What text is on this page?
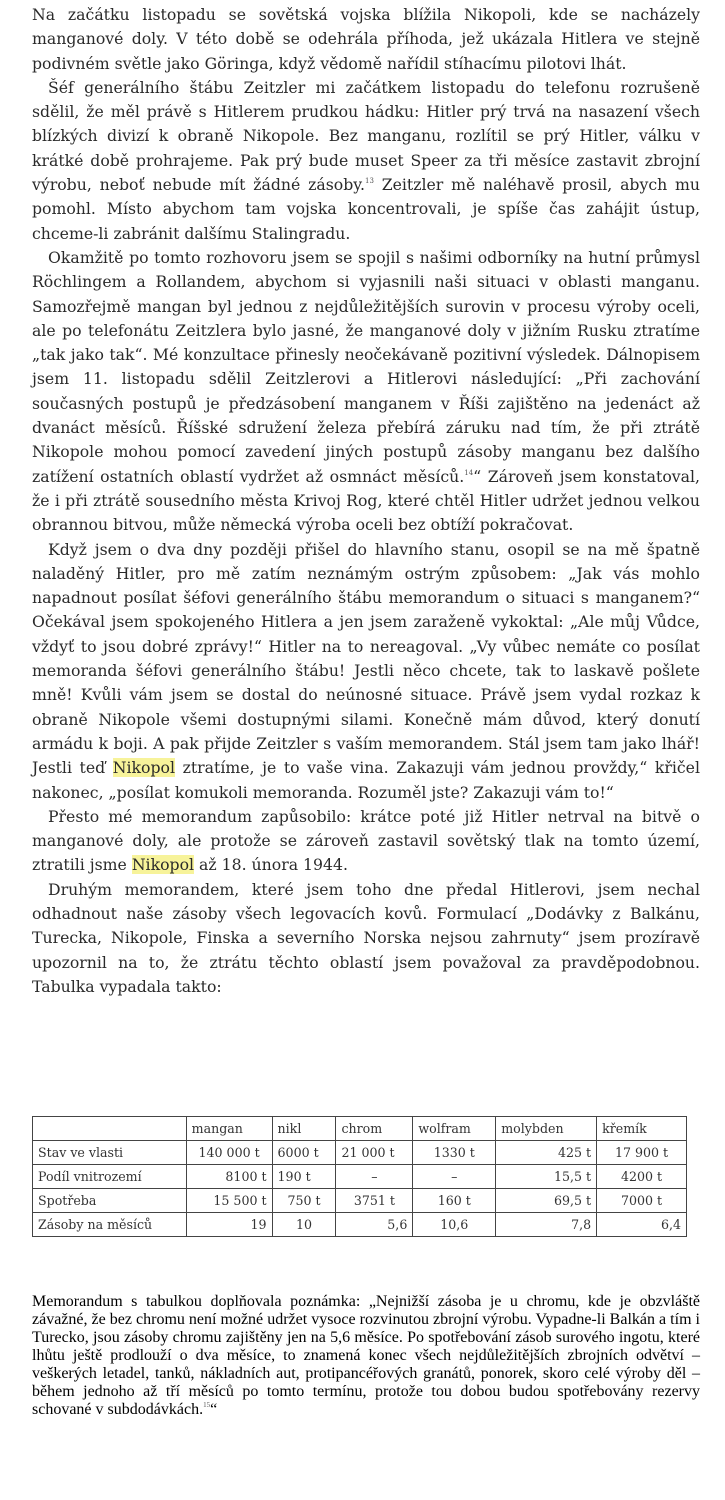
Na začátku listopadu se sovětská vojska blížila Nikopoli, kde se nacházely manganové doly. V této době se odehrála příhoda, jež ukázala Hitlera ve stejně podivném světle jako Göringa, když vědomě nařídil stíhacímu pilotovi lhát.

Šéf generálního štábu Zeitzler mi začátkem listopadu do telefonu rozrušeně sdělil, že měl právě s Hitlerem prudkou hádku: Hitler prý trvá na nasazení všech blízkých divizí k obraně Nikopole. Bez manganu, rozlítil se prý Hitler, válku v krátké době prohrajeme. Pak prý bude muset Speer za tři měsíce zastavit zbrojní výrobu, neboť nebude mít žádné zásoby.$^{13}$ Zeitzler mě naléhavě prosil, abych mu pomohl. Místo abychom tam vojska koncentrovali, je spíše čas zahájit ústup, chceme-li zabránit dalšímu Stalingradu.

Okamžitě po tomto rozhovoru jsem se spojil s našimi odborníky na hutní průmysl Röchlingem a Rollandem, abychom si vyjasnili naši situaci v oblasti manganu. Samozřejmě mangan byl jednou z nejdůležitějších surovin v procesu výroby oceli, ale po telefonátu Zeitzlera bylo jasné, že manganové doly v jižním Rusku ztratíme „tak jako tak“. Mé konzultace přinesly neočekávaně pozitivní výsledek. Dálnopisem jsem 11. listopadu sdělil Zeitzlerovi a Hitlerovi následující: „Při zachování současných postupů je předzásobení manganem v Říši zajištěno na jedenáct až dvanáct měsíců. Říšské sdružení železa přebírá záruku nad tím, že při ztrátě Nikopole mohou pomocí zavedení jiných postupů zásoby manganu bez dalšího zatížení ostatních oblastí vydržet až osmnáct měsíců.$^{14}$“ Zároveň jsem konstatoval, že i při ztrátě sousedního města Krivoj Rog, které chtěl Hitler udržet jednou velkou obrannou bitvou, může německá výroba oceli bez obtíží pokračovat.

Když jsem o dva dny později přišel do hlavního stanu, osopil se na mě špatně naladěný Hitler, pro mě zatím neznámým ostrým způsobem: „Jak vás mohlo napadnout posílat šéfovi generálního štábu memorandum o situaci s manganem?“ Očekával jsem spokojeného Hitlera a jen jsem zaraženě vykoktal: „Ale můj Vůdce, vždyť to jsou dobré zprávy!“ Hitler na to nereagoval. „Vy vůbec nemáte co posílat memoranda šéfovi generálního štábu! Jestli něco chcete, tak to laskavě pošlete mně! Kvůli vám jsem se dostal do neúnosné situace. Právě jsem vydal rozkaz k obraně Nikopole všemi dostupnými silami. Konečně mám důvod, který donutí armádu k boji. A pak přijde Zeitzler s vaším memorandem. Stál jsem tam jako lhář! Jestli teď Nikopol ztratíme, je to vaše vina. Zakazuji vám jednou provždy,“ křičel nakonec, „posílat komukoli memoranda. Rozuměl jste? Zakazuji vám to!“

Přesto mé memorandum zapůsobilo: krátce poté již Hitler netrval na bitvě o manganové doly, ale protože se zároveň zastavil sovětský tlak na tomto území, ztratili jsme Nikopol až 18. února 1944.

Druhým memorandem, které jsem toho dne předal Hitlerovi, jsem nechal odhadnout naše zásoby všech legovacích kovů. Formulací „Dodávky z Balkánu, Turecka, Nikopole, Finska a severního Norska nejsou zahrnuty“ jsem prozíravě upozornil na to, že ztrátu těchto oblastí jsem považoval za pravděpodobnou. Tabulka vypadala takto:

	mangan	nikl	chrom	wolfram	molybden	křemík
Stav ve vlasti	140 000 t	6000 t	21 000 t	1330 t	425 t	17 900 t
Podíl vnitrozemí	8100 t	190 t	–	–	15,5 t	4200 t
Spotřeba	15 500 t	750 t	3751 t	160 t	69,5 t	7000 t
Zásoby na měsíců	19	10	5,6	10,6	7,8	6,4

Memorandum s tabulkou doplňovala poznámka: „Nejnižší zásoba je u chromu, kde je obzvláště závažné, že bez chromu není možné udržet vysoce rozvinutou zbrojní výrobu. Vypadne-li Balkán a tím i Turecko, jsou zásoby chromu zajištěny jen na 5,6 měsíce. Po spotřebování zásob surového ingotu, které lhůtu ještě prodlouží o dva měsíce, to znamená konec všech nejdůležitějších zbrojních odvětví – veškerých letadel, tanků, nákladních aut, protipancéřových granátů, ponorek, skoro celé výroby děl – během jednoho až tří měsíců po tomto termínu, protože tou dobou budou spotřebovány rezervy schované v subdodávkách.$^{15}$“
